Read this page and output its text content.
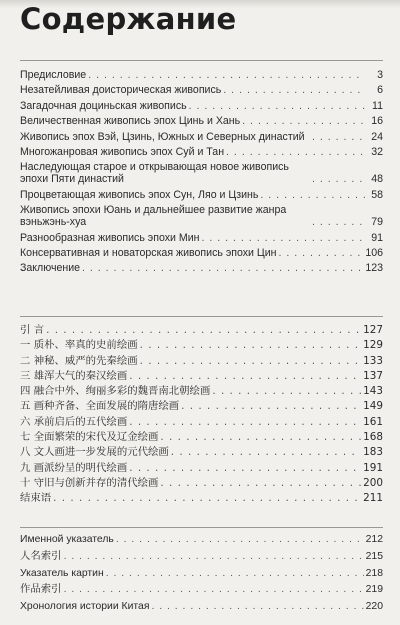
Содержание
Предисловие . . .	3
Незатейливая доисторическая живопись . . .	6
Загадочная доциньская живопись . . .	11
Величественная живопись эпох Цинь и Хань . . .	16
Живопись эпох Вэй, Цзинь, Южных и Северных династий . . .	24
Многожанровая живопись эпох Суй и Тан . . .	32
Наследующая старое и открывающая новое живопись эпохи Пяти династий . . .	48
Процветающая живопись эпох Сун, Ляо и Цзинь . . .	58
Живопись эпохи Юань и дальнейшее развитие жанра вэньжэнь-хуа . . .	79
Разнообразная живопись эпохи Мин . . .	91
Консервативная и новаторская живопись эпохи Цин . . .	106
Заключение . . .	123
引 言 . . .	127
一 质朴、率真的史前绘画 . . .	129
二 神秘、威严的先秦绘画 . . .	133
三 雄浑大气的秦汉绘画 . . .	137
四 融合中外、绚丽多彩的魏晋南北朝绘画 . . .	143
五 画种齐备、全面发展的隋唐绘画 . . .	149
六 承前启后的五代绘画 . . .	161
七 全面繁荣的宋代及辽金绘画 . . .	168
八 文人画进一步发展的元代绘画 . . .	183
九 画派纷呈的明代绘画 . . .	191
十 守旧与创新并存的清代绘画 . . .	200
结束语 . . .	211
Именной указатель . . .	212
人名索引 . . .	215
Указатель картин . . .	218
作品索引 . . .	219
Хронология истории Китая . . .	220
